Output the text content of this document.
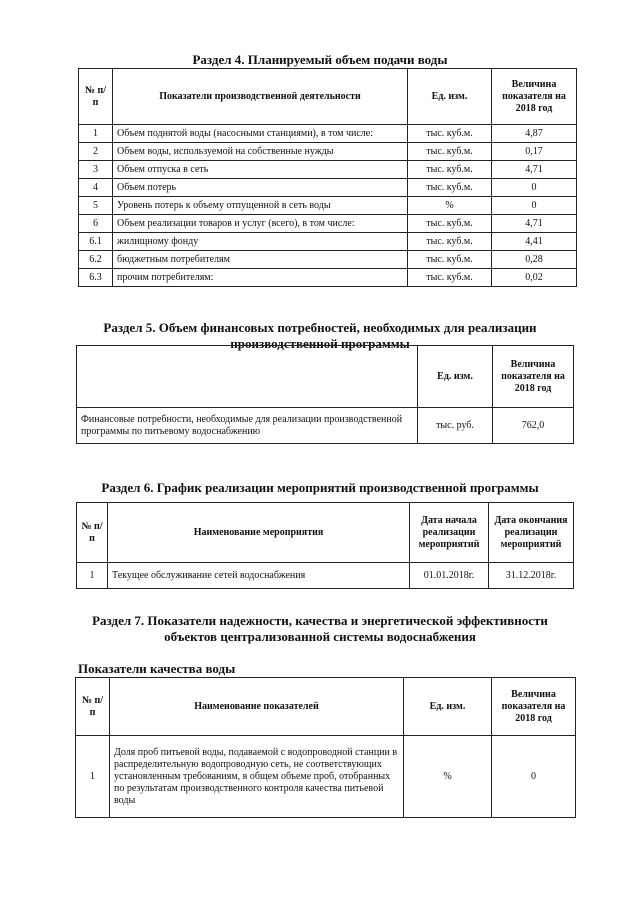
Раздел 4. Планируемый объем подачи воды
№ п/п	Показатели производственной деятельности	Ед. изм.	Величина показателя на 2018 год
1	Объем поднятой воды (насосными станциями), в том числе:	тыс. куб.м.	4,87
2	Объем воды, используемой на собственные нужды	тыс. куб.м.	0,17
3	Объем отпуска в сеть	тыс. куб.м.	4,71
4	Объем потерь	тыс. куб.м.	0
5	Уровень потерь к объему отпущенной в сеть воды	%	0
6	Объем реализации товаров и услуг (всего), в том числе:	тыс. куб.м.	4,71
6.1	жилищному фонду	тыс. куб.м.	4,41
6.2	бюджетным потребителям	тыс. куб.м.	0,28
6.3	прочим потребителям:	тыс. куб.м.	0,02
Раздел 5. Объем финансовых потребностей, необходимых для реализации
производственной программы
	Ед. изм.	Величина показателя на 2018 год
Финансовые потребности, необходимые для реализации производственной программы по питьевому водоснабжению	тыс. руб.	762,0
Раздел 6. График реализации мероприятий производственной программы
№ п/п	Наименование мероприятия	Дата начала реализации мероприятий	Дата окончания реализации мероприятий
1	Текущее обслуживание сетей водоснабжения	01.01.2018г.	31.12.2018г.
Раздел 7. Показатели надежности, качества и энергетической эффективности
объектов централизованной системы водоснабжения
Показатели качества воды
№ п/п	Наименование показателей	Ед. изм.	Величина показателя на 2018 год
1	Доля проб питьевой воды, подаваемой с водопроводной станции в распределительную водопроводную сеть, не соответствующих установленным требованиям, в общем объеме проб, отобранных по результатам производственного контроля качества питьевой воды	%	0
